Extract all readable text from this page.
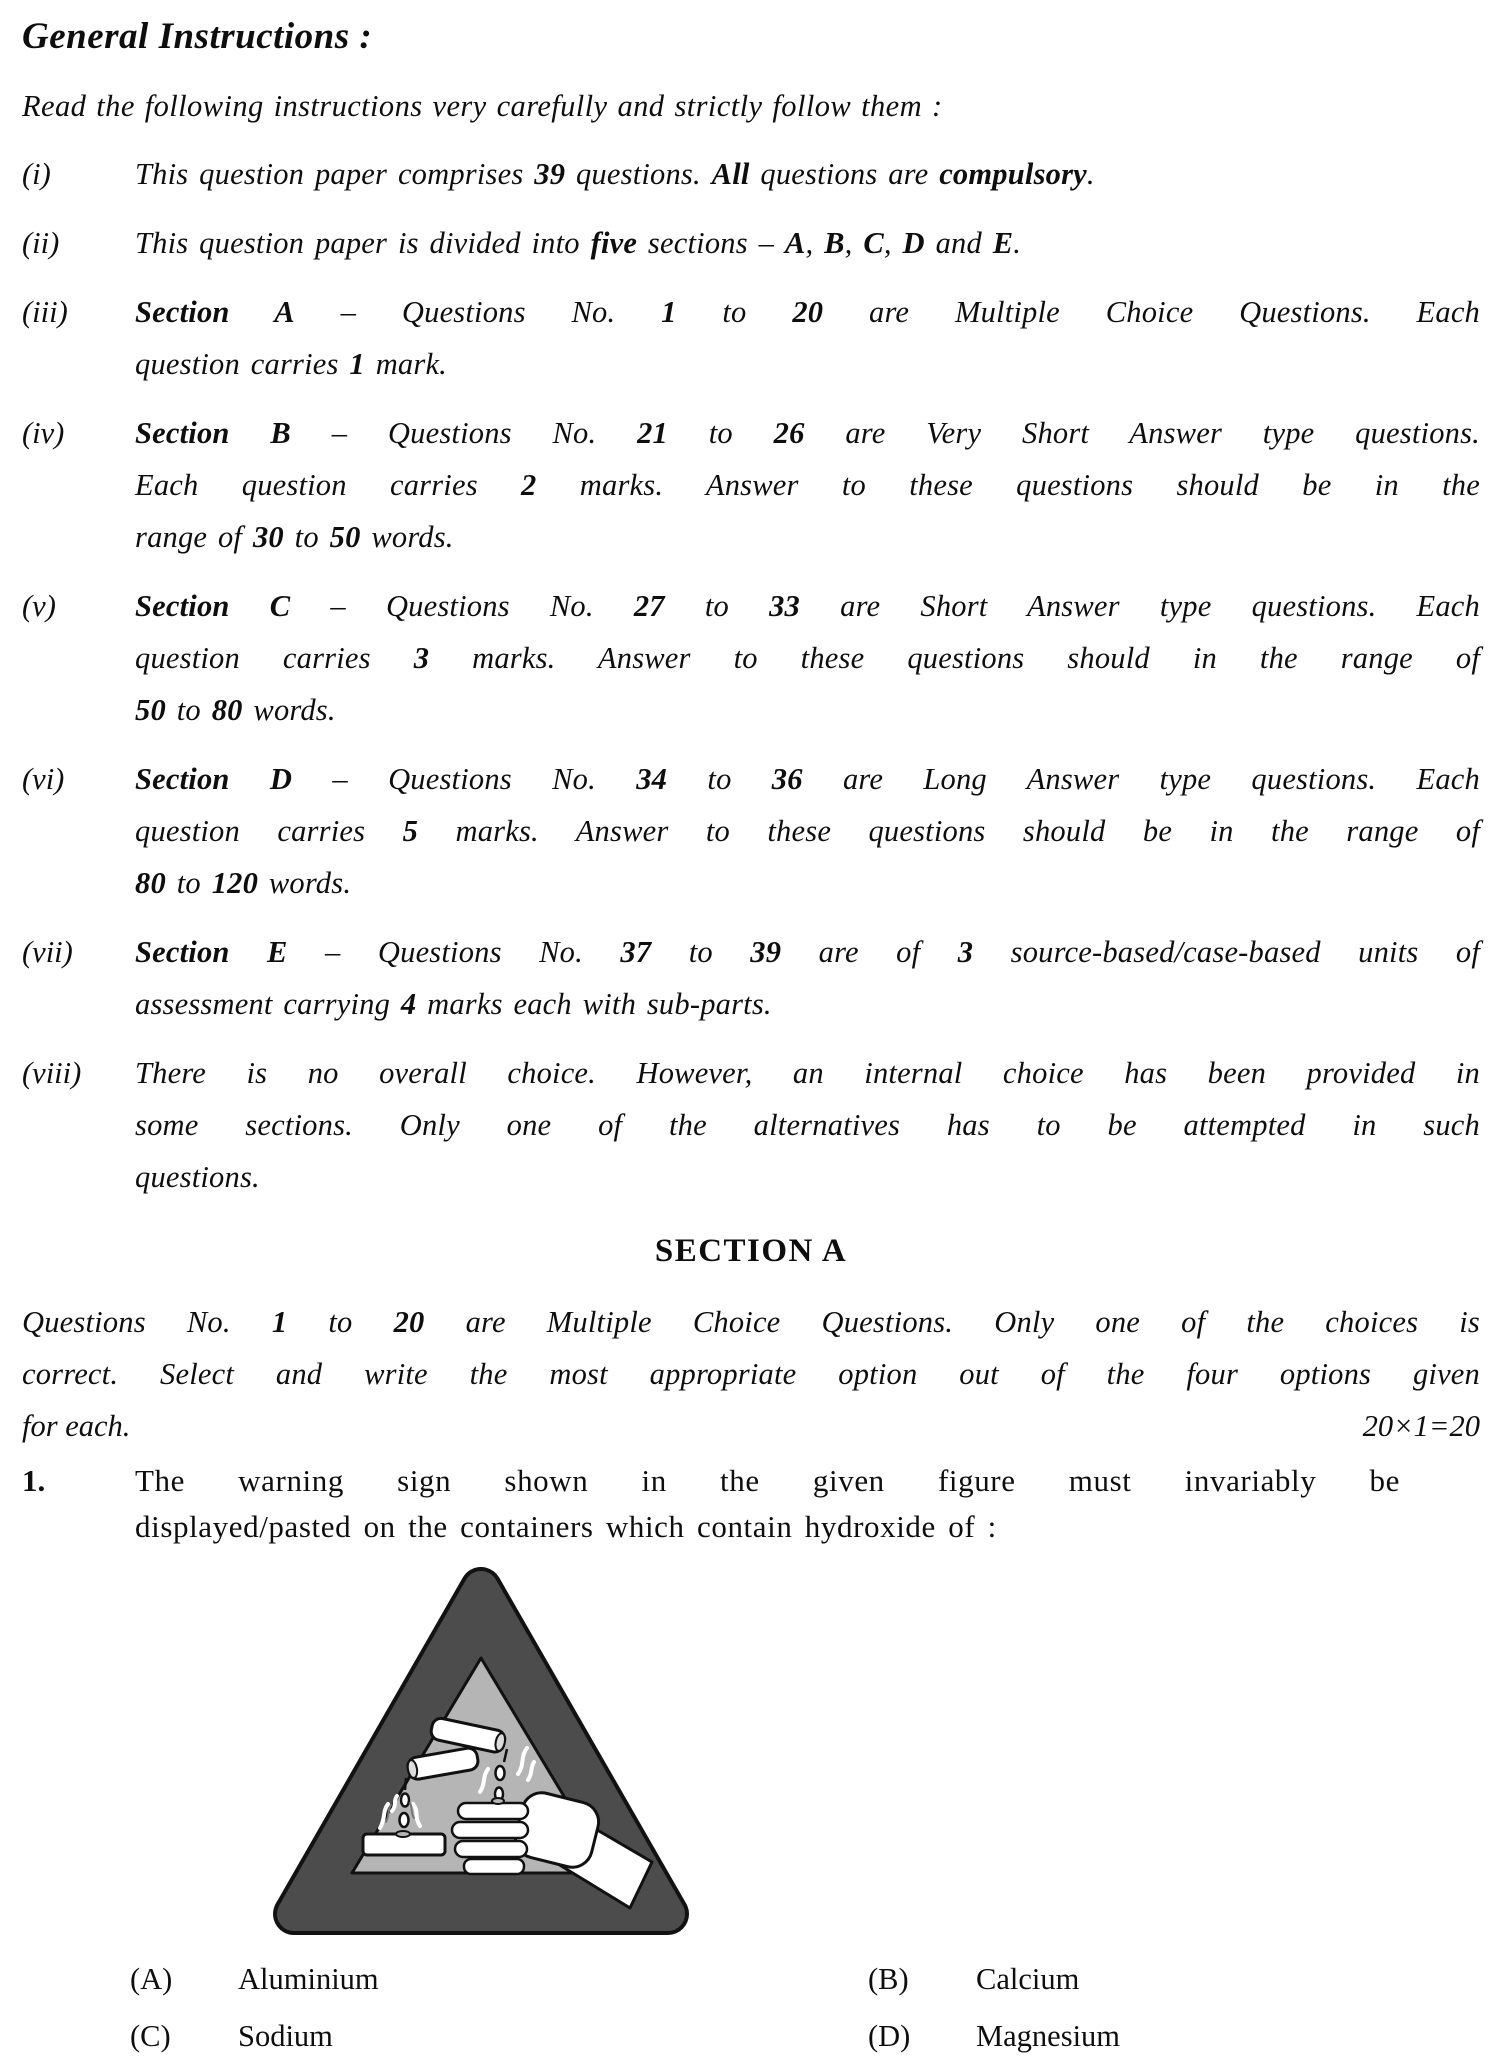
General Instructions :

Read the following instructions very carefully and strictly follow them :

(i)	This question paper comprises 39 questions. All questions are compulsory.
(ii)	This question paper is divided into five sections – A, B, C, D and E.
(iii)	Section A – Questions No. 1 to 20 are Multiple Choice Questions. Each
question carries 1 mark.
(iv)	Section B – Questions No. 21 to 26 are Very Short Answer type questions.
Each question carries 2 marks. Answer to these questions should be in the
range of 30 to 50 words.
(v)	Section C – Questions No. 27 to 33 are Short Answer type questions. Each
question carries 3 marks. Answer to these questions should in the range of
50 to 80 words.
(vi)	Section D – Questions No. 34 to 36 are Long Answer type questions. Each
question carries 5 marks. Answer to these questions should be in the range of
80 to 120 words.
(vii)	Section E – Questions No. 37 to 39 are of 3 source-based/case-based units of
assessment carrying 4 marks each with sub-parts.
(viii)	There is no overall choice. However, an internal choice has been provided in
some sections. Only one of the alternatives has to be attempted in such
questions.
SECTION A
Questions No. 1 to 20 are Multiple Choice Questions. Only one of the choices is
correct. Select and write the most appropriate option out of the four options given
for each.	20×1=20
1.	The warning sign shown in the given figure must invariably be
displayed/pasted on the containers which contain hydroxide of :
(A)	Aluminium	(B)	Calcium
(C)	Sodium	(D)	Magnesium
